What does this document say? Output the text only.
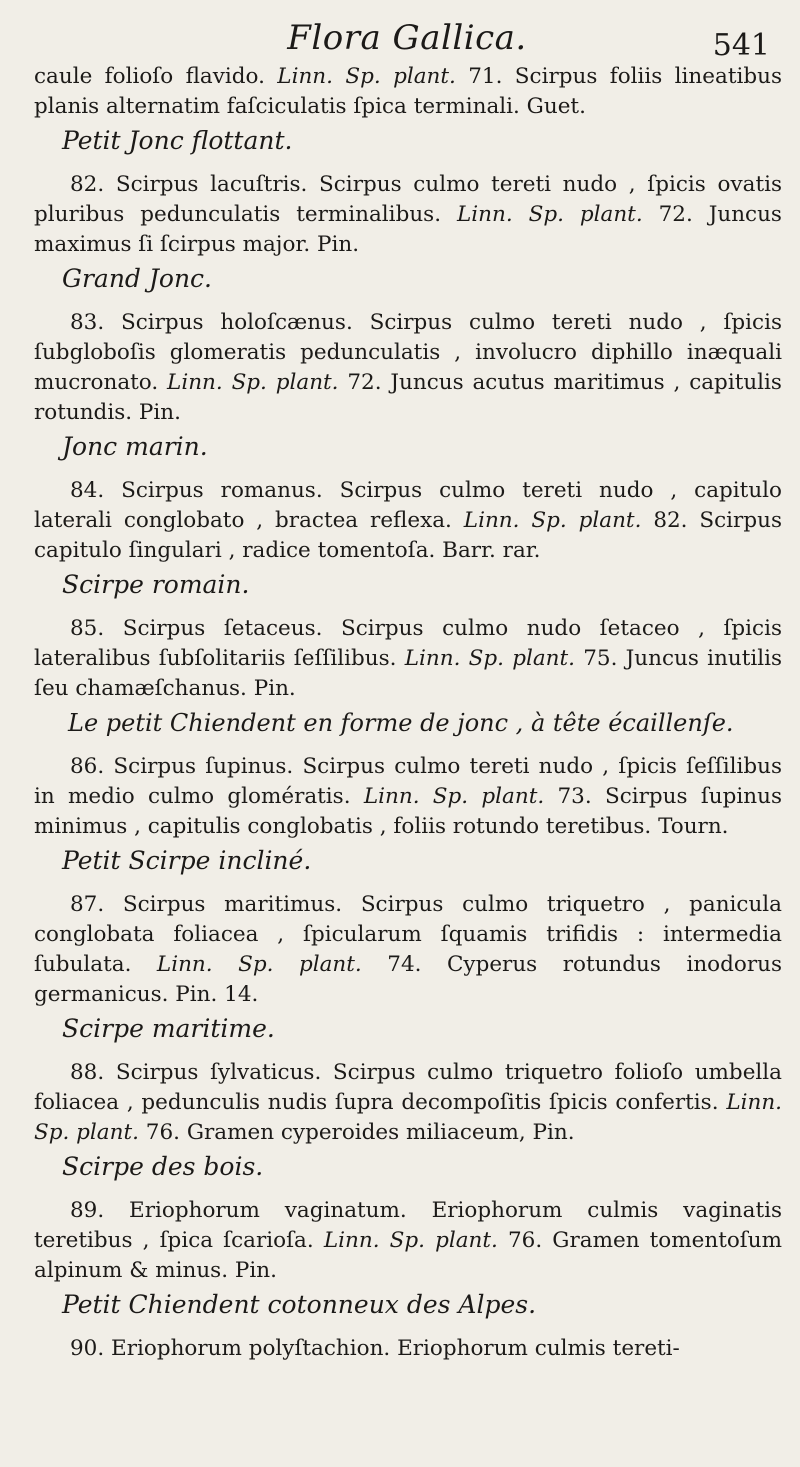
Flora Gallica.	541

caule folioſo flavido. Linn. Sp. plant. 71. Scirpus foliis lineatibus planis alternatim faſciculatis ſpica terminali. Guet.

Petit Jonc flottant.

82. Scirpus lacuſtris. Scirpus culmo tereti nudo , ſpicis ovatis pluribus pedunculatis terminalibus. Linn. Sp. plant. 72. Juncus maximus ſi ſcirpus major. Pin.

Grand Jonc.

83. Scirpus holoſcænus. Scirpus culmo tereti nudo , ſpicis ſubgloboſis glomeratis pedunculatis , involucro diphillo inæquali mucronato. Linn. Sp. plant. 72. Juncus acutus maritimus , capitulis rotundis. Pin.

Jonc marin.

84. Scirpus romanus. Scirpus culmo tereti nudo , capitulo laterali conglobato , bractea reflexa. Linn. Sp. plant. 82. Scirpus capitulo ſingulari , radice tomentoſa. Barr. rar.

Scirpe romain.

85. Scirpus ſetaceus. Scirpus culmo nudo ſetaceo , ſpicis lateralibus ſubſolitariis ſeſſilibus. Linn. Sp. plant. 75. Juncus inutilis ſeu chamæſchanus. Pin.

Le petit Chiendent en forme de jonc , à tête écaillenſe.

86. Scirpus ſupinus. Scirpus culmo tereti nudo , ſpicis ſeſſilibus in medio culmo glomératis. Linn. Sp. plant. 73. Scirpus ſupinus minimus , capitulis conglobatis , foliis rotundo teretibus. Tourn.

Petit Scirpe incliné.

87. Scirpus maritimus. Scirpus culmo triquetro , panicula conglobata foliacea , ſpicularum ſquamis trifidis : intermedia ſubulata. Linn. Sp. plant. 74. Cyperus rotundus inodorus germanicus. Pin. 14.

Scirpe maritime.

88. Scirpus ſylvaticus. Scirpus culmo triquetro folioſo umbella foliacea , pedunculis nudis ſupra decompoſitis ſpicis confertis. Linn. Sp. plant. 76. Gramen cyperoides miliaceum, Pin.

Scirpe des bois.

89. Eriophorum vaginatum. Eriophorum culmis vaginatis teretibus , ſpica ſcarioſa. Linn. Sp. plant. 76. Gramen tomentoſum alpinum & minus. Pin.

Petit Chiendent cotonneux des Alpes.

90. Eriophorum polyſtachion. Eriophorum culmis tereti-
